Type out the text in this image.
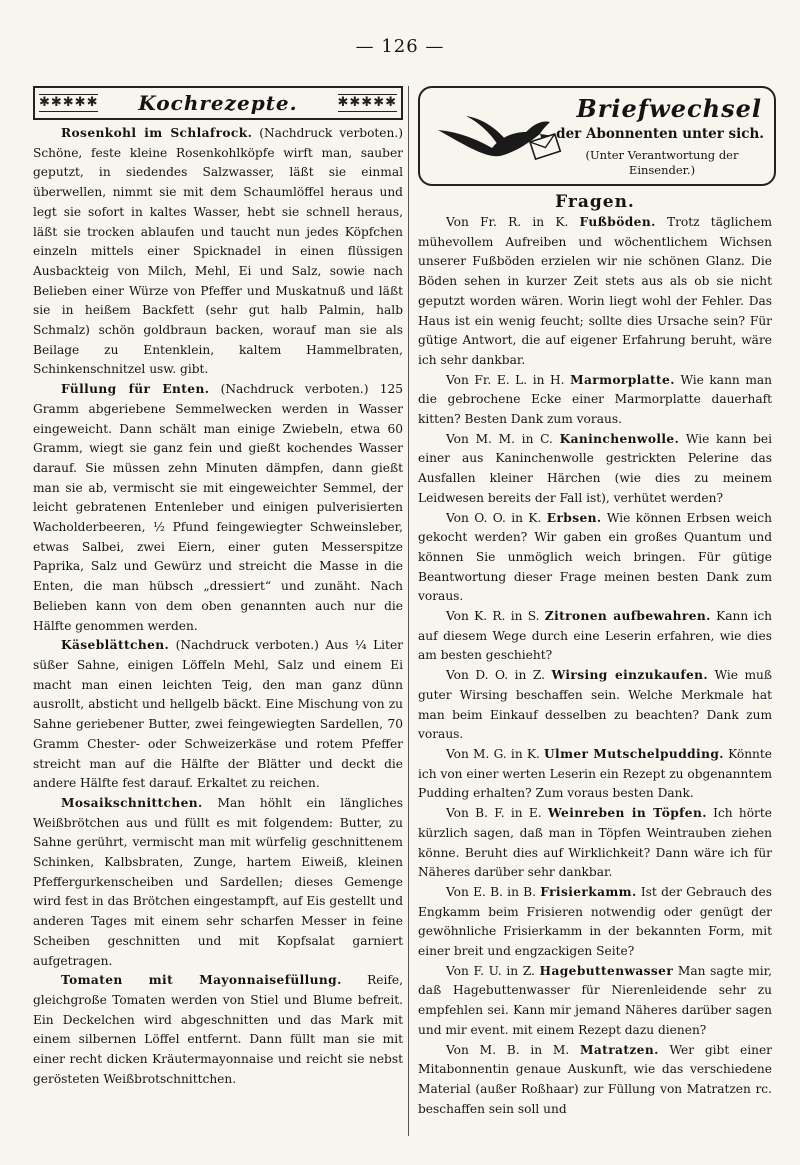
— 126 —
✱✱✱✱✱ Kochrezepte.	✱✱✱✱✱

Rosenkohl im Schlafrock. (Nachdruck verboten.) Schöne, feste kleine Rosenkohlköpfe wirft man, sauber geputzt, in siedendes Salzwasser, läßt sie einmal überwellen, nimmt sie mit dem Schaumlöffel heraus und legt sie sofort in kaltes Wasser, hebt sie schnell heraus, läßt sie trocken ablaufen und taucht nun jedes Köpfchen einzeln mittels einer Spicknadel in einen flüssigen Ausbackteig von Milch, Mehl, Ei und Salz, sowie nach Belieben einer Würze von Pfeffer und Muskatnuß und läßt sie in heißem Backfett (sehr gut halb Palmin, halb Schmalz) schön goldbraun backen, worauf man sie als Beilage zu Entenklein, kaltem Hammelbraten, Schinkenschnitzel usw. gibt.

Füllung für Enten. (Nachdruck verboten.) 125 Gramm abgeriebene Semmelwecken werden in Wasser eingeweicht. Dann schält man einige Zwiebeln, etwa 60 Gramm, wiegt sie ganz fein und gießt kochendes Wasser darauf. Sie müssen zehn Minuten dämpfen, dann gießt man sie ab, vermischt sie mit eingeweichter Semmel, der leicht gebratenen Entenleber und einigen pulverisierten Wacholderbeeren, ½ Pfund feingewiegter Schweinsleber, etwas Salbei, zwei Eiern, einer guten Messerspitze Paprika, Salz und Gewürz und streicht die Masse in die Enten, die man hübsch „dressiert“ und zunäht. Nach Belieben kann von dem oben genannten auch nur die Hälfte genommen werden.

Käseblättchen. (Nachdruck verboten.) Aus ¼ Liter süßer Sahne, einigen Löffeln Mehl, Salz und einem Ei macht man einen leichten Teig, den man ganz dünn ausrollt, absticht und hellgelb bäckt. Eine Mischung von zu Sahne geriebener Butter, zwei feingewiegten Sardellen, 70 Gramm Chester- oder Schweizerkäse und rotem Pfeffer streicht man auf die Hälfte der Blätter und deckt die andere Hälfte fest darauf. Erkaltet zu reichen.

Mosaikschnittchen. Man höhlt ein längliches Weißbrötchen aus und füllt es mit folgendem: Butter, zu Sahne gerührt, vermischt man mit würfelig geschnittenem Schinken, Kalbsbraten, Zunge, hartem Eiweiß, kleinen Pfeffergurkenscheiben und Sardellen; dieses Gemenge wird fest in das Brötchen eingestampft, auf Eis gestellt und anderen Tages mit einem sehr scharfen Messer in feine Scheiben geschnitten und mit Kopfsalat garniert aufgetragen.

Tomaten mit Mayonnaisefüllung. Reife, gleichgroße Tomaten werden von Stiel und Blume befreit. Ein Deckelchen wird abgeschnitten und das Mark mit einem silbernen Löffel entfernt. Dann füllt man sie mit einer recht dicken Kräutermayonnaise und reicht sie nebst gerösteten Weißbrotschnittchen.

Briefwechsel
der Abonnenten unter sich.
(Unter Verantwortung der Einsender.)
Fragen.

Von Fr. R. in K. Fußböden. Trotz täglichem mühevollem Aufreiben und wöchentlichem Wichsen unserer Fußböden erzielen wir nie schönen Glanz. Die Böden sehen in kurzer Zeit stets aus als ob sie nicht geputzt worden wären. Worin liegt wohl der Fehler. Das Haus ist ein wenig feucht; sollte dies Ursache sein? Für gütige Antwort, die auf eigener Erfahrung beruht, wäre ich sehr dankbar.

Von Fr. E. L. in H. Marmorplatte. Wie kann man die gebrochene Ecke einer Marmorplatte dauerhaft kitten? Besten Dank zum voraus.

Von M. M. in C. Kaninchenwolle. Wie kann bei einer aus Kaninchenwolle gestrickten Pelerine das Ausfallen kleiner Härchen (wie dies zu meinem Leidwesen bereits der Fall ist), verhütet werden?

Von O. O. in K. Erbsen. Wie können Erbsen weich gekocht werden? Wir gaben ein großes Quantum und können Sie unmöglich weich bringen. Für gütige Beantwortung dieser Frage meinen besten Dank zum voraus.

Von K. R. in S. Zitronen aufbewahren. Kann ich auf diesem Wege durch eine Leserin erfahren, wie dies am besten geschieht?

Von D. O. in Z. Wirsing einzukaufen. Wie muß guter Wirsing beschaffen sein. Welche Merkmale hat man beim Einkauf desselben zu beachten? Dank zum voraus.

Von M. G. in K. Ulmer Mutschelpudding. Könnte ich von einer werten Leserin ein Rezept zu obgenanntem Pudding erhalten? Zum voraus besten Dank.

Von B. F. in E. Weinreben in Töpfen. Ich hörte kürzlich sagen, daß man in Töpfen Weintrauben ziehen könne. Beruht dies auf Wirklichkeit? Dann wäre ich für Näheres darüber sehr dankbar.

Von E. B. in B. Frisierkamm. Ist der Gebrauch des Engkamm beim Frisieren notwendig oder genügt der gewöhnliche Frisierkamm in der bekannten Form, mit einer breit und engzackigen Seite?

Von F. U. in Z. Hagebuttenwasser Man sagte mir, daß Hagebuttenwasser für Nierenleidende sehr zu empfehlen sei. Kann mir jemand Näheres darüber sagen und mir event. mit einem Rezept dazu dienen?

Von M. B. in M. Matratzen. Wer gibt einer Mitabonnentin genaue Auskunft, wie das verschiedene Material (außer Roßhaar) zur Füllung von Matratzen rc. beschaffen sein soll und
